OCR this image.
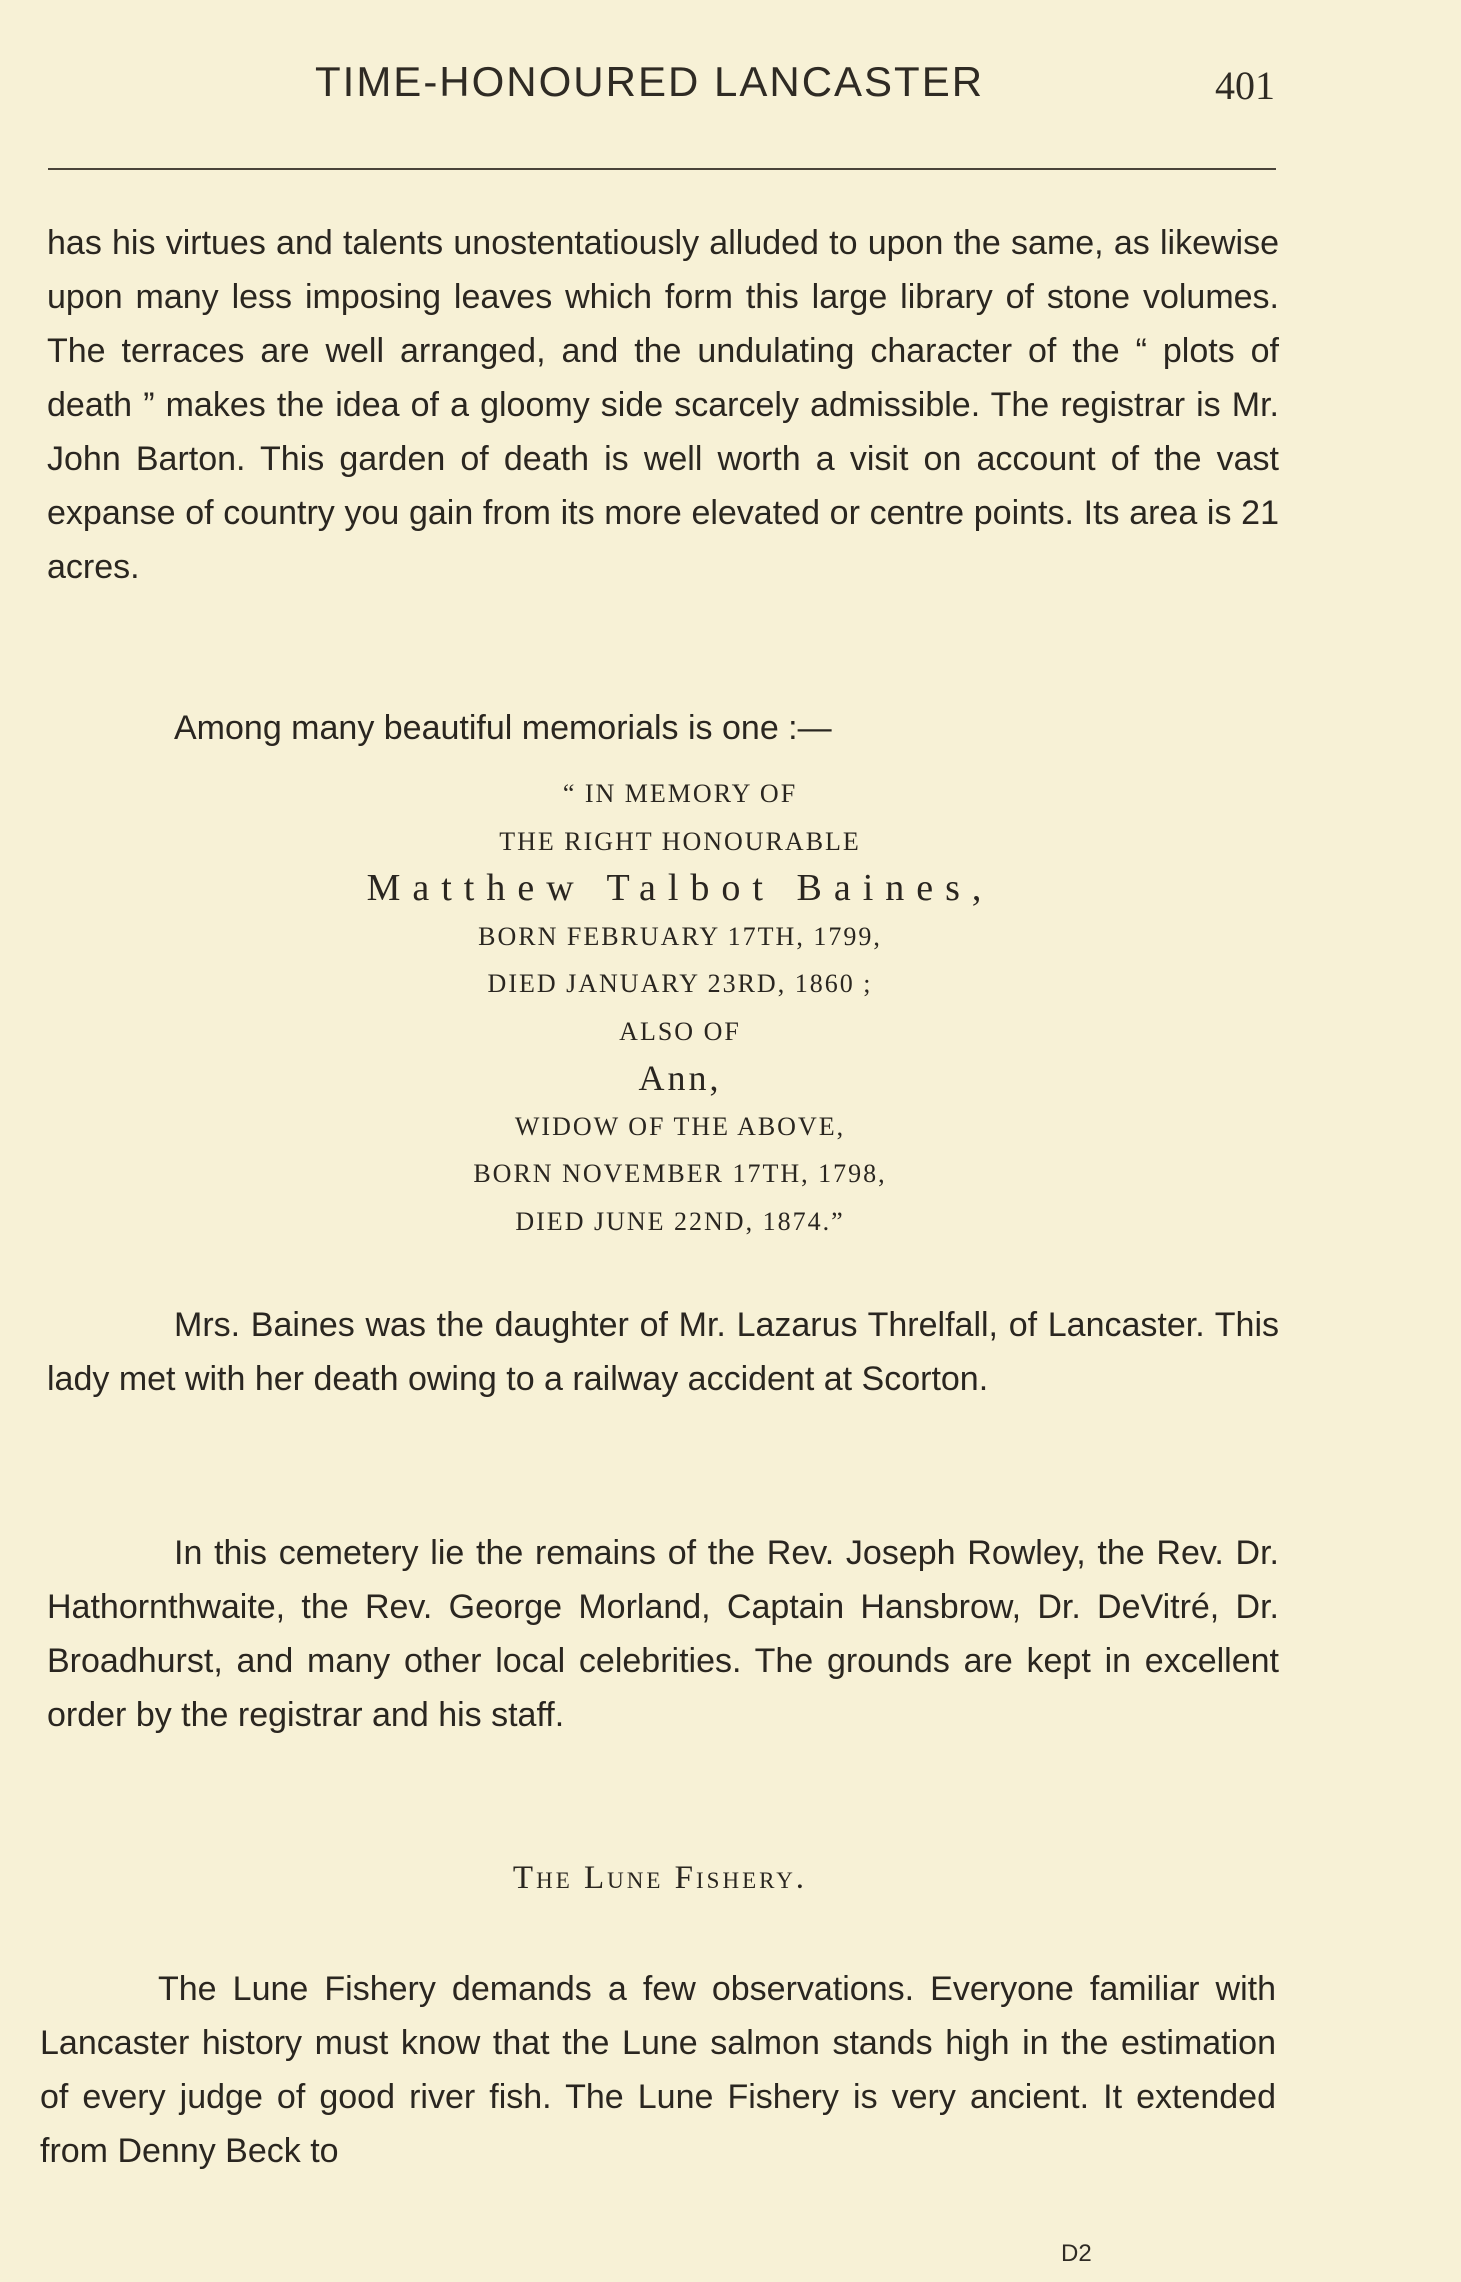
TIME-HONOURED LANCASTER	401

has his virtues and talents unostentatiously alluded to upon the same, as likewise upon many less imposing leaves which form this large library of stone volumes. The terraces are well arranged, and the undulating character of the “ plots of death ” makes the idea of a gloomy side scarcely admissible. The registrar is Mr. John Barton. This garden of death is well worth a visit on account of the vast expanse of country you gain from its more elevated or centre points. Its area is 21 acres.

Among many beautiful memorials is one :—
“ IN MEMORY OF
THE RIGHT HONOURABLE
Matthew Talbot Baines,
BORN FEBRUARY 17TH, 1799,
DIED JANUARY 23RD, 1860 ;
ALSO OF
Ann,
WIDOW OF THE ABOVE,
BORN NOVEMBER 17TH, 1798,
DIED JUNE 22ND, 1874.”

Mrs. Baines was the daughter of Mr. Lazarus Threlfall, of Lancaster. This lady met with her death owing to a railway accident at Scorton.

In this cemetery lie the remains of the Rev. Joseph Rowley, the Rev. Dr. Hathornthwaite, the Rev. George Morland, Captain Hansbrow, Dr. DeVitré, Dr. Broadhurst, and many other local celebrities. The grounds are kept in excellent order by the registrar and his staff.

The Lune Fishery.

The Lune Fishery demands a few observations. Everyone familiar with Lancaster history must know that the Lune salmon stands high in the estimation of every judge of good river fish. The Lune Fishery is very ancient. It extended from Denny Beck to

D2
